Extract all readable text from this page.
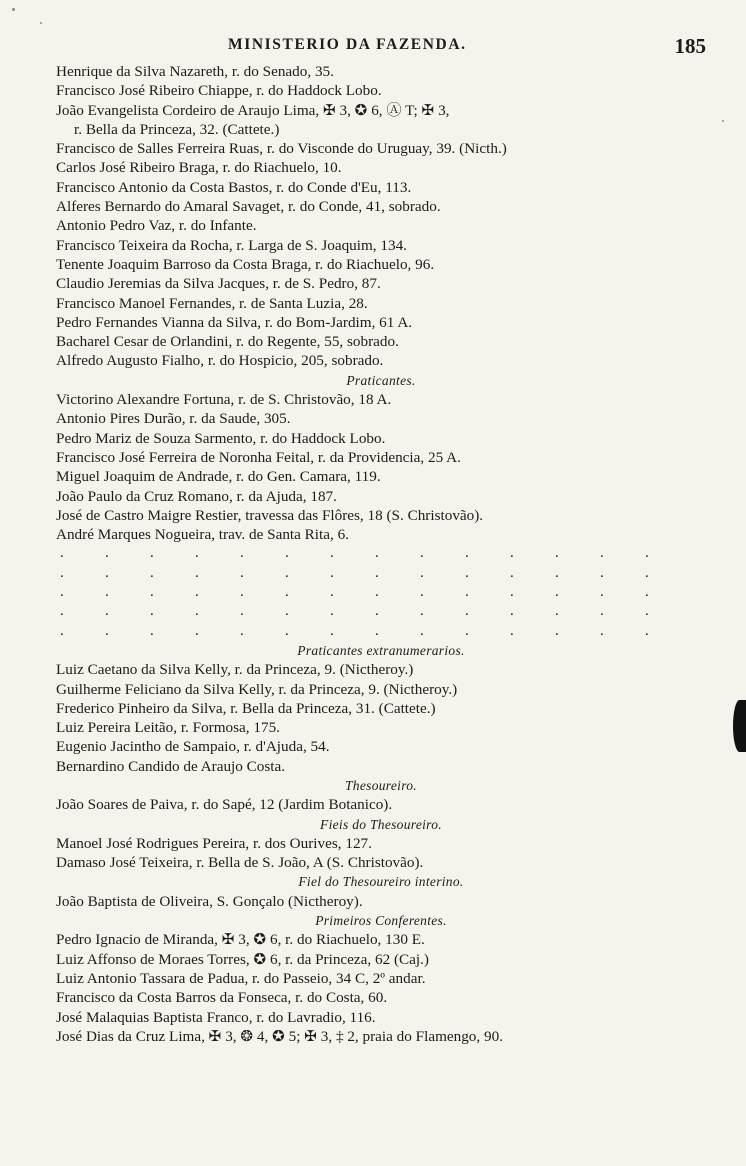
MINISTERIO DA FAZENDA.	185
Henrique da Silva Nazareth, r. do Senado, 35.
Francisco José Ribeiro Chiappe, r. do Haddock Lobo.
João Evangelista Cordeiro de Araujo Lima, ✠ 3, ✪ 6, Ⓐ T; ✠ 3,
r. Bella da Princeza, 32. (Cattete.)
Francisco de Salles Ferreira Ruas, r. do Visconde do Uruguay, 39. (Nicth.)
Carlos José Ribeiro Braga, r. do Riachuelo, 10.
Francisco Antonio da Costa Bastos, r. do Conde d'Eu, 113.
Alferes Bernardo do Amaral Savaget, r. do Conde, 41, sobrado.
Antonio Pedro Vaz, r. do Infante.
Francisco Teixeira da Rocha, r. Larga de S. Joaquim, 134.
Tenente Joaquim Barroso da Costa Braga, r. do Riachuelo, 96.
Claudio Jeremias da Silva Jacques, r. de S. Pedro, 87.
Francisco Manoel Fernandes, r. de Santa Luzia, 28.
Pedro Fernandes Vianna da Silva, r. do Bom-Jardim, 61 A.
Bacharel Cesar de Orlandini, r. do Regente, 55, sobrado.
Alfredo Augusto Fialho, r. do Hospicio, 205, sobrado.
Praticantes.
Victorino Alexandre Fortuna, r. de S. Christovão, 18 A.
Antonio Pires Durão, r. da Saude, 305.
Pedro Mariz de Souza Sarmento, r. do Haddock Lobo.
Francisco José Ferreira de Noronha Feital, r. da Providencia, 25 A.
Miguel Joaquim de Andrade, r. do Gen. Camara, 119.
João Paulo da Cruz Romano, r. da Ajuda, 187.
José de Castro Maigre Restier, travessa das Flôres, 18 (S. Christovão).
André Marques Nogueira, trav. de Santa Rita, 6.
.	.	.	.	.	.	.	.	.	.	.	.	.	.
.	.	.	.	.	.	.	.	.	.	.	.	.	.
.	.	.	.	.	.	.	.	.	.	.	.	.	.
.	.	.	.	.	.	.	.	.	.	.	.	.	.
.	.	.	.	.	.	.	.	.	.	.	.	.	.
Praticantes extranumerarios.
Luiz Caetano da Silva Kelly, r. da Princeza, 9. (Nictheroy.)
Guilherme Feliciano da Silva Kelly, r. da Princeza, 9. (Nictheroy.)
Frederico Pinheiro da Silva, r. Bella da Princeza, 31. (Cattete.)
Luiz Pereira Leitão, r. Formosa, 175.
Eugenio Jacintho de Sampaio, r. d'Ajuda, 54.
Bernardino Candido de Araujo Costa.
Thesoureiro.
João Soares de Paiva, r. do Sapé, 12 (Jardim Botanico).
Fieis do Thesoureiro.
Manoel José Rodrigues Pereira, r. dos Ourives, 127.
Damaso José Teixeira, r. Bella de S. João, A (S. Christovão).
Fiel do Thesoureiro interino.
João Baptista de Oliveira, S. Gonçalo (Nictheroy).
Primeiros Conferentes.
Pedro Ignacio de Miranda, ✠ 3, ✪ 6, r. do Riachuelo, 130 E.
Luiz Affonso de Moraes Torres, ✪ 6, r. da Princeza, 62 (Caj.)
Luiz Antonio Tassara de Padua, r. do Passeio, 34 C, 2º andar.
Francisco da Costa Barros da Fonseca, r. do Costa, 60.
José Malaquias Baptista Franco, r. do Lavradio, 116.
José Dias da Cruz Lima, ✠ 3, ❂ 4, ✪ 5; ✠ 3, ‡ 2, praia do Flamengo, 90.
